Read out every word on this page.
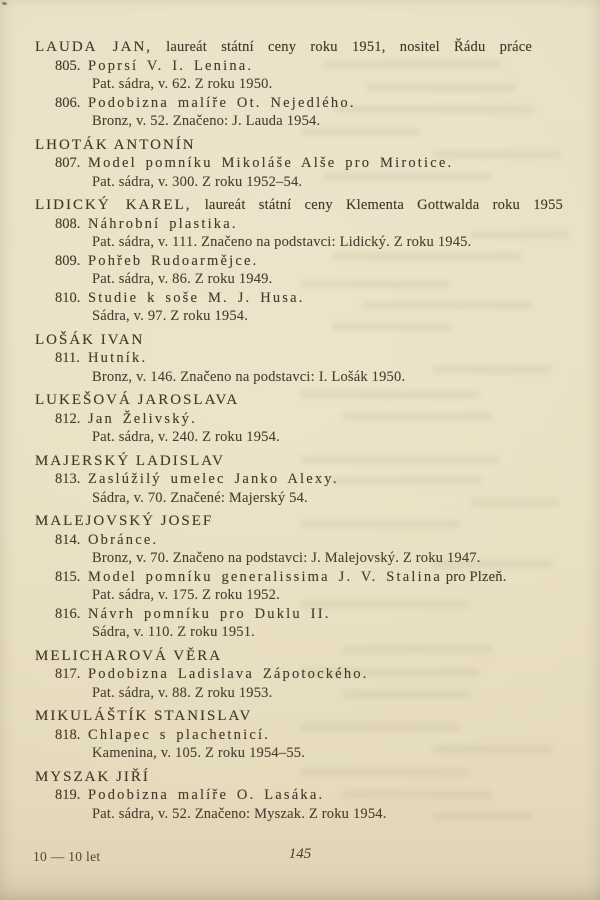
LAUDA JAN, laureát státní ceny roku 1951, nositel Řádu práce
805. Poprsí V. I. Lenina.
Pat. sádra, v. 62. Z roku 1950.
806. Podobizna malíře Ot. Nejedlého.
Bronz, v. 52. Značeno: J. Lauda 1954.
LHOTÁK ANTONÍN
807. Model pomníku Mikoláše Alše pro Mirotice.
Pat. sádra, v. 300. Z roku 1952–54.
LIDICKÝ KAREL, laureát státní ceny Klementa Gottwalda roku 1955
808. Náhrobní plastika.
Pat. sádra, v. 111. Značeno na podstavci: Lidický. Z roku 1945.
809. Pohřeb Rudoarmějce.
Pat. sádra, v. 86. Z roku 1949.
810. Studie k soše M. J. Husa.
Sádra, v. 97. Z roku 1954.
LOŠÁK IVAN
811. Hutník.
Bronz, v. 146. Značeno na podstavci: I. Lošák 1950.
LUKEŠOVÁ JAROSLAVA
812. Jan Želivský.
Pat. sádra, v. 240. Z roku 1954.
MAJERSKÝ LADISLAV
813. Zaslúžilý umelec Janko Alexy.
Sádra, v. 70. Značené: Majerský 54.
MALEJOVSKÝ JOSEF
814. Obránce.
Bronz, v. 70. Značeno na podstavci: J. Malejovský. Z roku 1947.
815. Model pomníku generalissima J. V. Stalina pro Plzeň.
Pat. sádra, v. 175. Z roku 1952.
816. Návrh pomníku pro Duklu II.
Sádra, v. 110. Z roku 1951.
MELICHAROVÁ VĚRA
817. Podobizna Ladislava Zápotockého.
Pat. sádra, v. 88. Z roku 1953.
MIKULÁŠTÍK STANISLAV
818. Chlapec s plachetnicí.
Kamenina, v. 105. Z roku 1954–55.
MYSZAK JIŘÍ
819. Podobizna malíře O. Lasáka.
Pat. sádra, v. 52. Značeno: Myszak. Z roku 1954.
10 — 10 let	145
